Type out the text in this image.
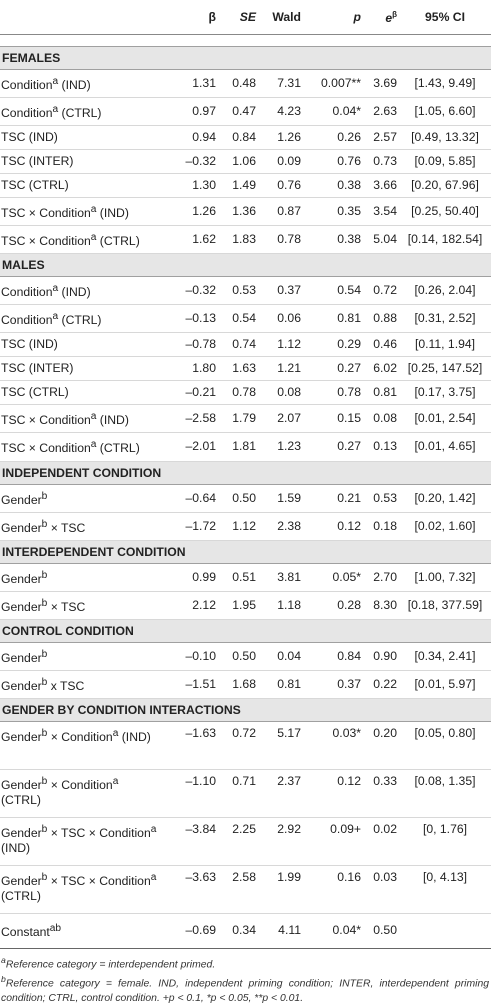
	β	SE	Wald	p	$e^\beta$	95% CI

FEMALES						
Condition$^a$ (IND)	1.31	0.48	7.31	0.007**	3.69	[1.43, 9.49]
Condition$^a$ (CTRL)	0.97	0.47	4.23	0.04*	2.63	[1.05, 6.60]
TSC (IND)	0.94	0.84	1.26	0.26	2.57	[0.49, 13.32]
TSC (INTER)	–0.32	1.06	0.09	0.76	0.73	[0.09, 5.85]
TSC (CTRL)	1.30	1.49	0.76	0.38	3.66	[0.20, 67.96]
TSC × Condition$^a$ (IND)	1.26	1.36	0.87	0.35	3.54	[0.25, 50.40]
TSC × Condition$^a$ (CTRL)	1.62	1.83	0.78	0.38	5.04	[0.14, 182.54]
MALES						
Condition$^a$ (IND)	–0.32	0.53	0.37	0.54	0.72	[0.26, 2.04]
Condition$^a$ (CTRL)	–0.13	0.54	0.06	0.81	0.88	[0.31, 2.52]
TSC (IND)	–0.78	0.74	1.12	0.29	0.46	[0.11, 1.94]
TSC (INTER)	1.80	1.63	1.21	0.27	6.02	[0.25, 147.52]
TSC (CTRL)	–0.21	0.78	0.08	0.78	0.81	[0.17, 3.75]
TSC × Condition$^a$ (IND)	–2.58	1.79	2.07	0.15	0.08	[0.01, 2.54]
TSC × Condition$^a$ (CTRL)	–2.01	1.81	1.23	0.27	0.13	[0.01, 4.65]
INDEPENDENT CONDITION						
Gender$^b$	–0.64	0.50	1.59	0.21	0.53	[0.20, 1.42]
Gender$^b$ × TSC	–1.72	1.12	2.38	0.12	0.18	[0.02, 1.60]
INTERDEPENDENT CONDITION						
Gender$^b$	0.99	0.51	3.81	0.05*	2.70	[1.00, 7.32]
Gender$^b$ × TSC	2.12	1.95	1.18	0.28	8.30	[0.18, 377.59]
CONTROL CONDITION						
Gender$^b$	–0.10	0.50	0.04	0.84	0.90	[0.34, 2.41]
Gender$^b$ x TSC	–1.51	1.68	0.81	0.37	0.22	[0.01, 5.97]
GENDER BY CONDITION INTERACTIONS						
Gender$^b$ × Condition$^a$ (IND)	–1.63	0.72	5.17	0.03*	0.20	[0.05, 0.80]
Gender$^b$ × Condition$^a$ (CTRL)	–1.10	0.71	2.37	0.12	0.33	[0.08, 1.35]
Gender$^b$ × TSC × Condition$^a$ (IND)	–3.84	2.25	2.92	0.09+	0.02	[0, 1.76]
Gender$^b$ × TSC × Condition$^a$ (CTRL)	–3.63	2.58	1.99	0.16	0.03	[0, 4.13]
Constant$^{ab}$	–0.69	0.34	4.11	0.04*	0.50	

$^a$Reference category = interdependent primed.

$^b$Reference category = female. IND, independent priming condition; INTER, interdependent priming condition; CTRL, control condition. +p < 0.1, *p < 0.05, **p < 0.01.
